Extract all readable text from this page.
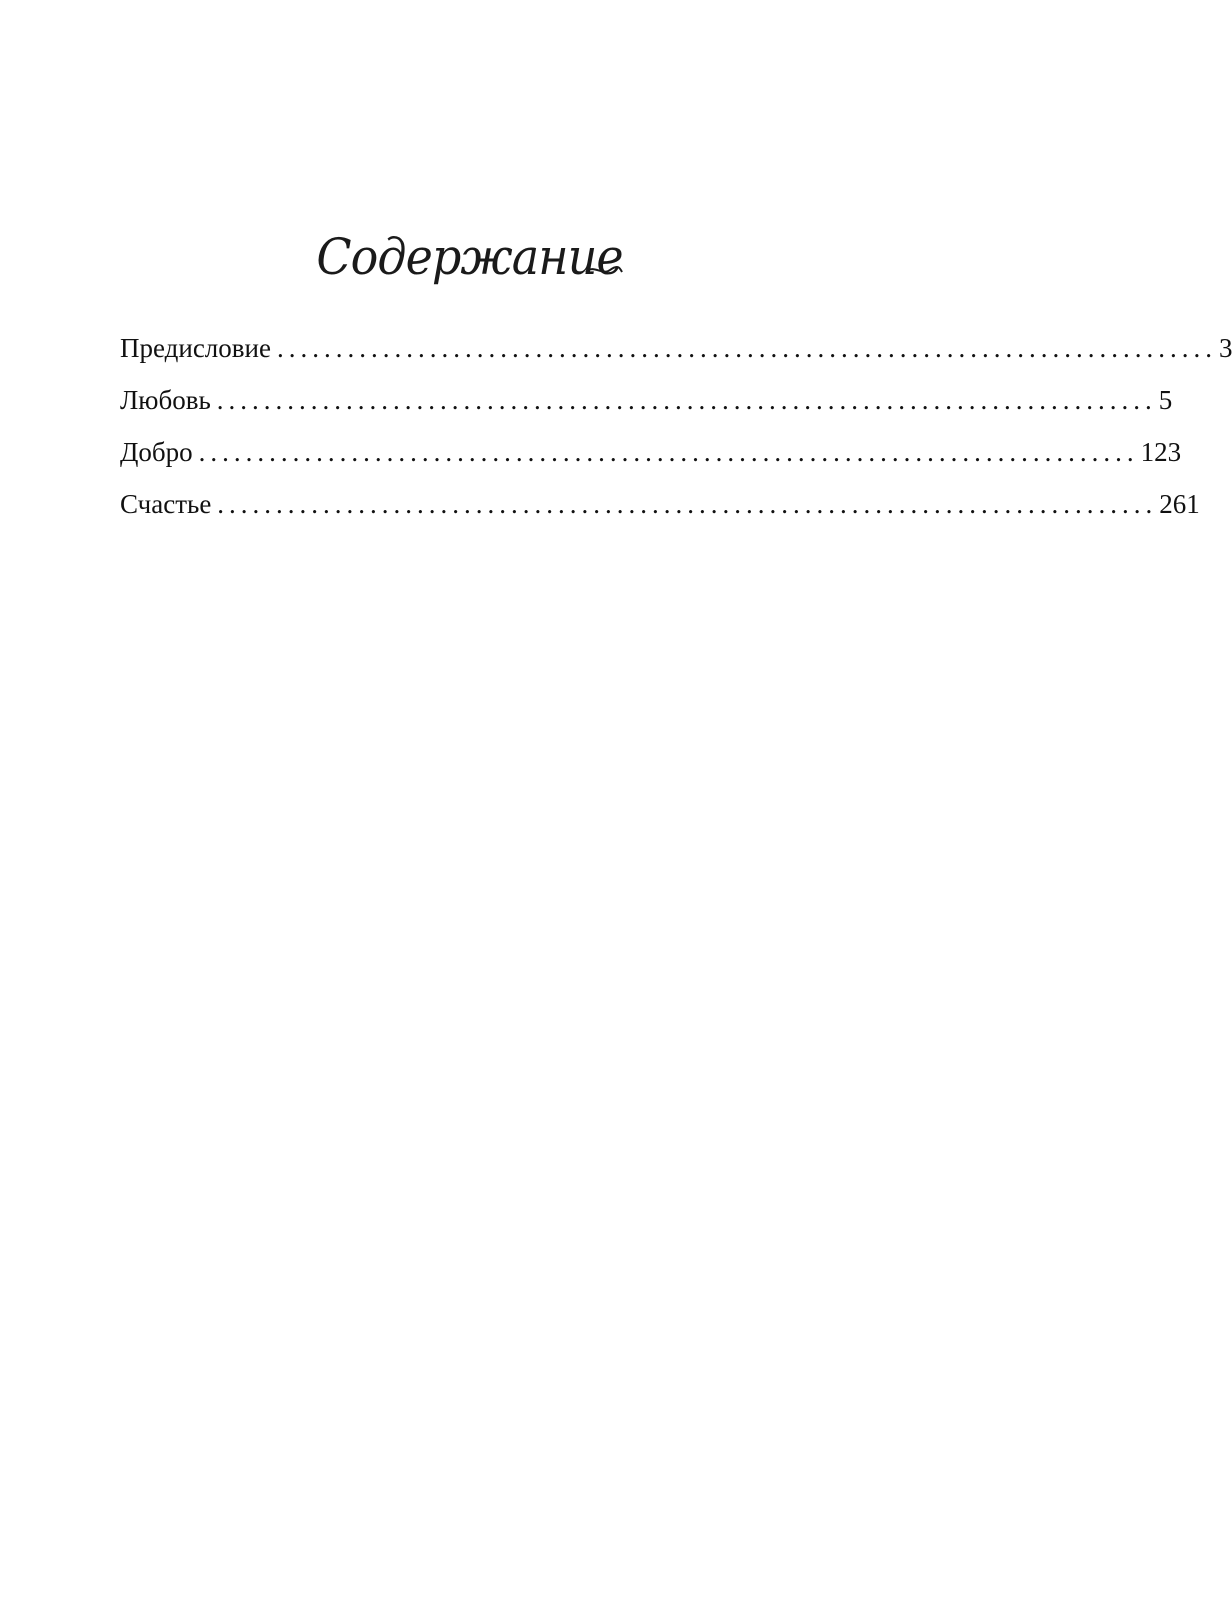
Содержание
Предисловие ................................................................................ 3
Любовь ................................................................................ 5
Добро ................................................................................ 123
Счастье ................................................................................ 261
